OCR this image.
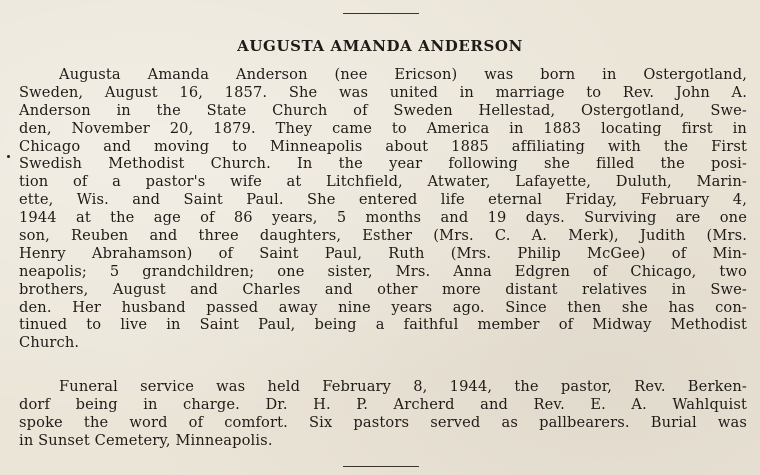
AUGUSTA AMANDA ANDERSON
Augusta Amanda Anderson (nee Ericson) was born in Ostergotland,
Sweden, August 16, 1857. She was united in marriage to Rev. John A.
Anderson in the State Church of Sweden Hellestad, Ostergotland, Swe-
den, November 20, 1879. They came to America in 1883 locating first in
Chicago and moving to Minneapolis about 1885 affiliating with the First
Swedish Methodist Church. In the year following she filled the posi-
tion of a pastor's wife at Litchfield, Atwater, Lafayette, Duluth, Marin-
ette, Wis. and Saint Paul. She entered life eternal Friday, February 4,
1944 at the age of 86 years, 5 months and 19 days. Surviving are one
son, Reuben and three daughters, Esther (Mrs. C. A. Merk), Judith (Mrs.
Henry Abrahamson) of Saint Paul, Ruth (Mrs. Philip McGee) of Min-
neapolis; 5 grandchildren; one sister, Mrs. Anna Edgren of Chicago, two
brothers, August and Charles and other more distant relatives in Swe-
den. Her husband passed away nine years ago. Since then she has con-
tinued to live in Saint Paul, being a faithful member of Midway Methodist
Church.
Funeral service was held February 8, 1944, the pastor, Rev. Berken-
dorf being in charge. Dr. H. P. Archerd and Rev. E. A. Wahlquist
spoke the word of comfort. Six pastors served as pallbearers. Burial was
in Sunset Cemetery, Minneapolis.
